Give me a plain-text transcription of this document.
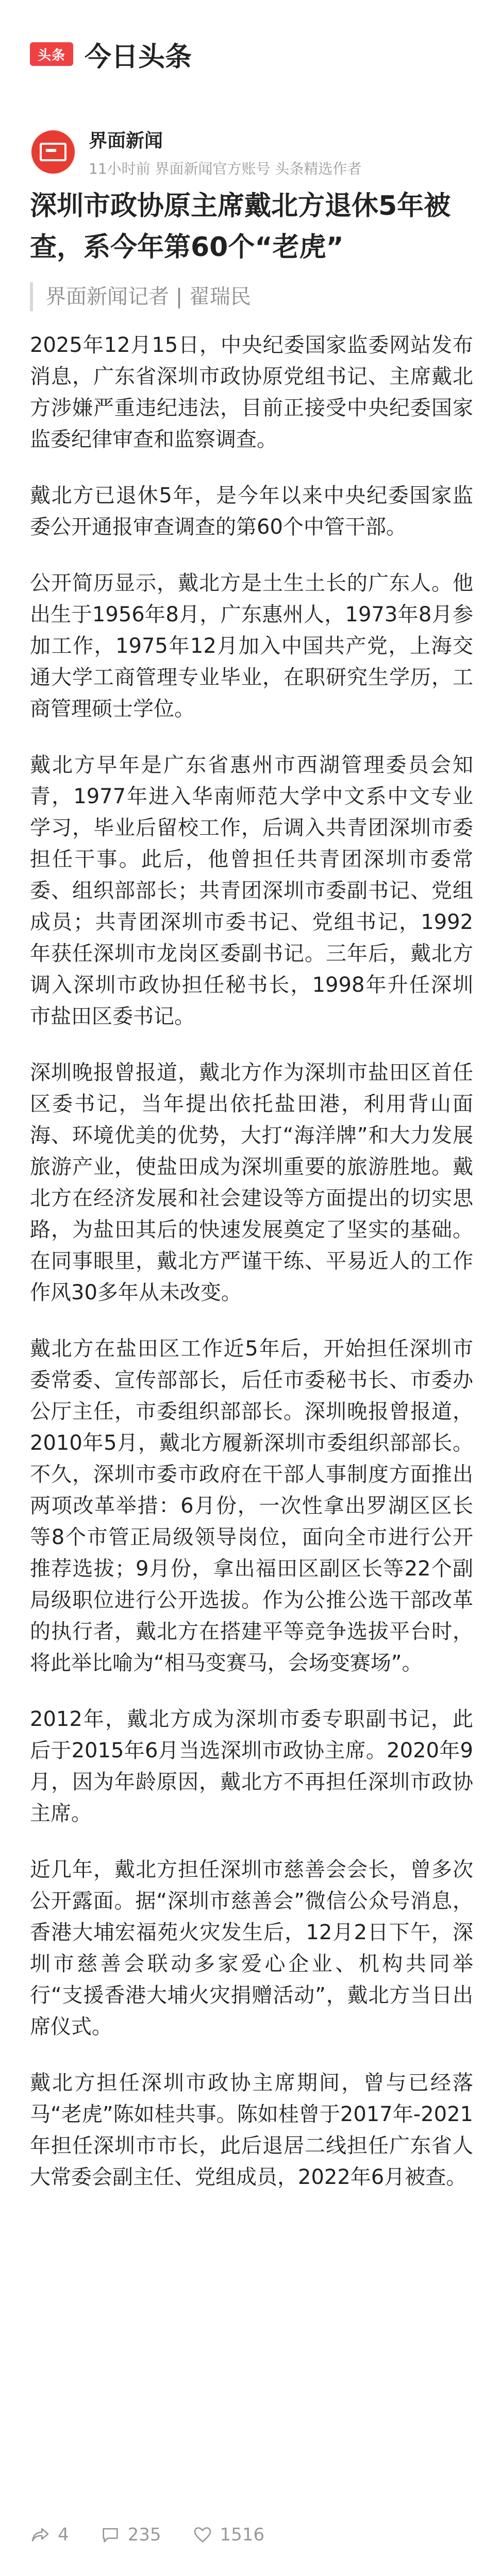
头条 今日头条
界面新闻
11小时前 界面新闻官方账号 头条精选作者
深圳市政协原主席戴北方退休5年被查，系今年第60个“老虎”
界面新闻记者 | 翟瑞民

2025年12月15日，中央纪委国家监委网站发布消息，广东省深圳市政协原党组书记、主席戴北方涉嫌严重违纪违法，目前正接受中央纪委国家监委纪律审查和监察调查。

戴北方已退休5年，是今年以来中央纪委国家监委公开通报审查调查的第60个中管干部。

公开简历显示，戴北方是土生土长的广东人。他出生于1956年8月，广东惠州人，1973年8月参加工作，1975年12月加入中国共产党，上海交通大学工商管理专业毕业，在职研究生学历，工商管理硕士学位。

戴北方早年是广东省惠州市西湖管理委员会知青，1977年进入华南师范大学中文系中文专业学习，毕业后留校工作，后调入共青团深圳市委担任干事。此后，他曾担任共青团深圳市委常委、组织部部长；共青团深圳市委副书记、党组成员；共青团深圳市委书记、党组书记，1992年获任深圳市龙岗区委副书记。三年后，戴北方调入深圳市政协担任秘书长，1998年升任深圳市盐田区委书记。

深圳晚报曾报道，戴北方作为深圳市盐田区首任区委书记，当年提出依托盐田港，利用背山面海、环境优美的优势，大打“海洋牌”和大力发展旅游产业，使盐田成为深圳重要的旅游胜地。戴北方在经济发展和社会建设等方面提出的切实思路，为盐田其后的快速发展奠定了坚实的基础。在同事眼里，戴北方严谨干练、平易近人的工作作风30多年从未改变。

戴北方在盐田区工作近5年后，开始担任深圳市委常委、宣传部部长，后任市委秘书长、市委办公厅主任，市委组织部部长。深圳晚报曾报道，2010年5月，戴北方履新深圳市委组织部部长。不久，深圳市委市政府在干部人事制度方面推出两项改革举措：6月份，一次性拿出罗湖区区长等8个市管正局级领导岗位，面向全市进行公开推荐选拔；9月份，拿出福田区副区长等22个副局级职位进行公开选拔。作为公推公选干部改革的执行者，戴北方在搭建平等竞争选拔平台时，将此举比喻为“相马变赛马，会场变赛场”。

2012年，戴北方成为深圳市委专职副书记，此后于2015年6月当选深圳市政协主席。2020年9月，因为年龄原因，戴北方不再担任深圳市政协主席。

近几年，戴北方担任深圳市慈善会会长，曾多次公开露面。据“深圳市慈善会”微信公众号消息，香港大埔宏福苑火灾发生后，12月2日下午，深圳市慈善会联动多家爱心企业、机构共同举行“支援香港大埔火灾捐赠活动”，戴北方当日出席仪式。

戴北方担任深圳市政协主席期间，曾与已经落马“老虎”陈如桂共事。陈如桂曾于2017年-2021年担任深圳市市长，此后退居二线担任广东省人大常委会副主任、党组成员，2022年6月被查。

4	235	1516
